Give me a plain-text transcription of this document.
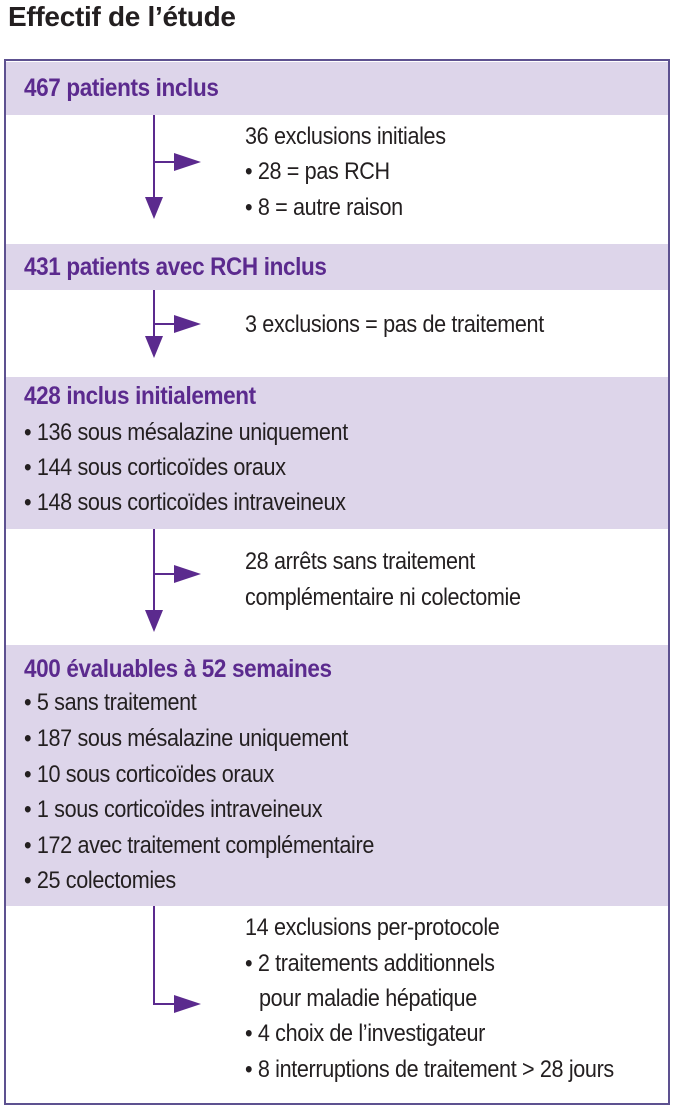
Effectif de l’étude
467 patients inclus
431 patients avec RCH inclus
428 inclus initialement
• 136 sous mésalazine uniquement
• 144 sous corticoïdes oraux
• 148 sous corticoïdes intraveineux
400 évaluables à 52 semaines
• 5 sans traitement
• 187 sous mésalazine uniquement
• 10 sous corticoïdes oraux
• 1 sous corticoïdes intraveineux
• 172 avec traitement complémentaire
• 25 colectomies
36 exclusions initiales
• 28 = pas RCH
• 8 = autre raison
3 exclusions = pas de traitement
28 arrêts sans traitement
complémentaire ni colectomie
14 exclusions per-protocole
• 2 traitements additionnels
pour maladie hépatique
• 4 choix de l’investigateur
• 8 interruptions de traitement > 28 jours
